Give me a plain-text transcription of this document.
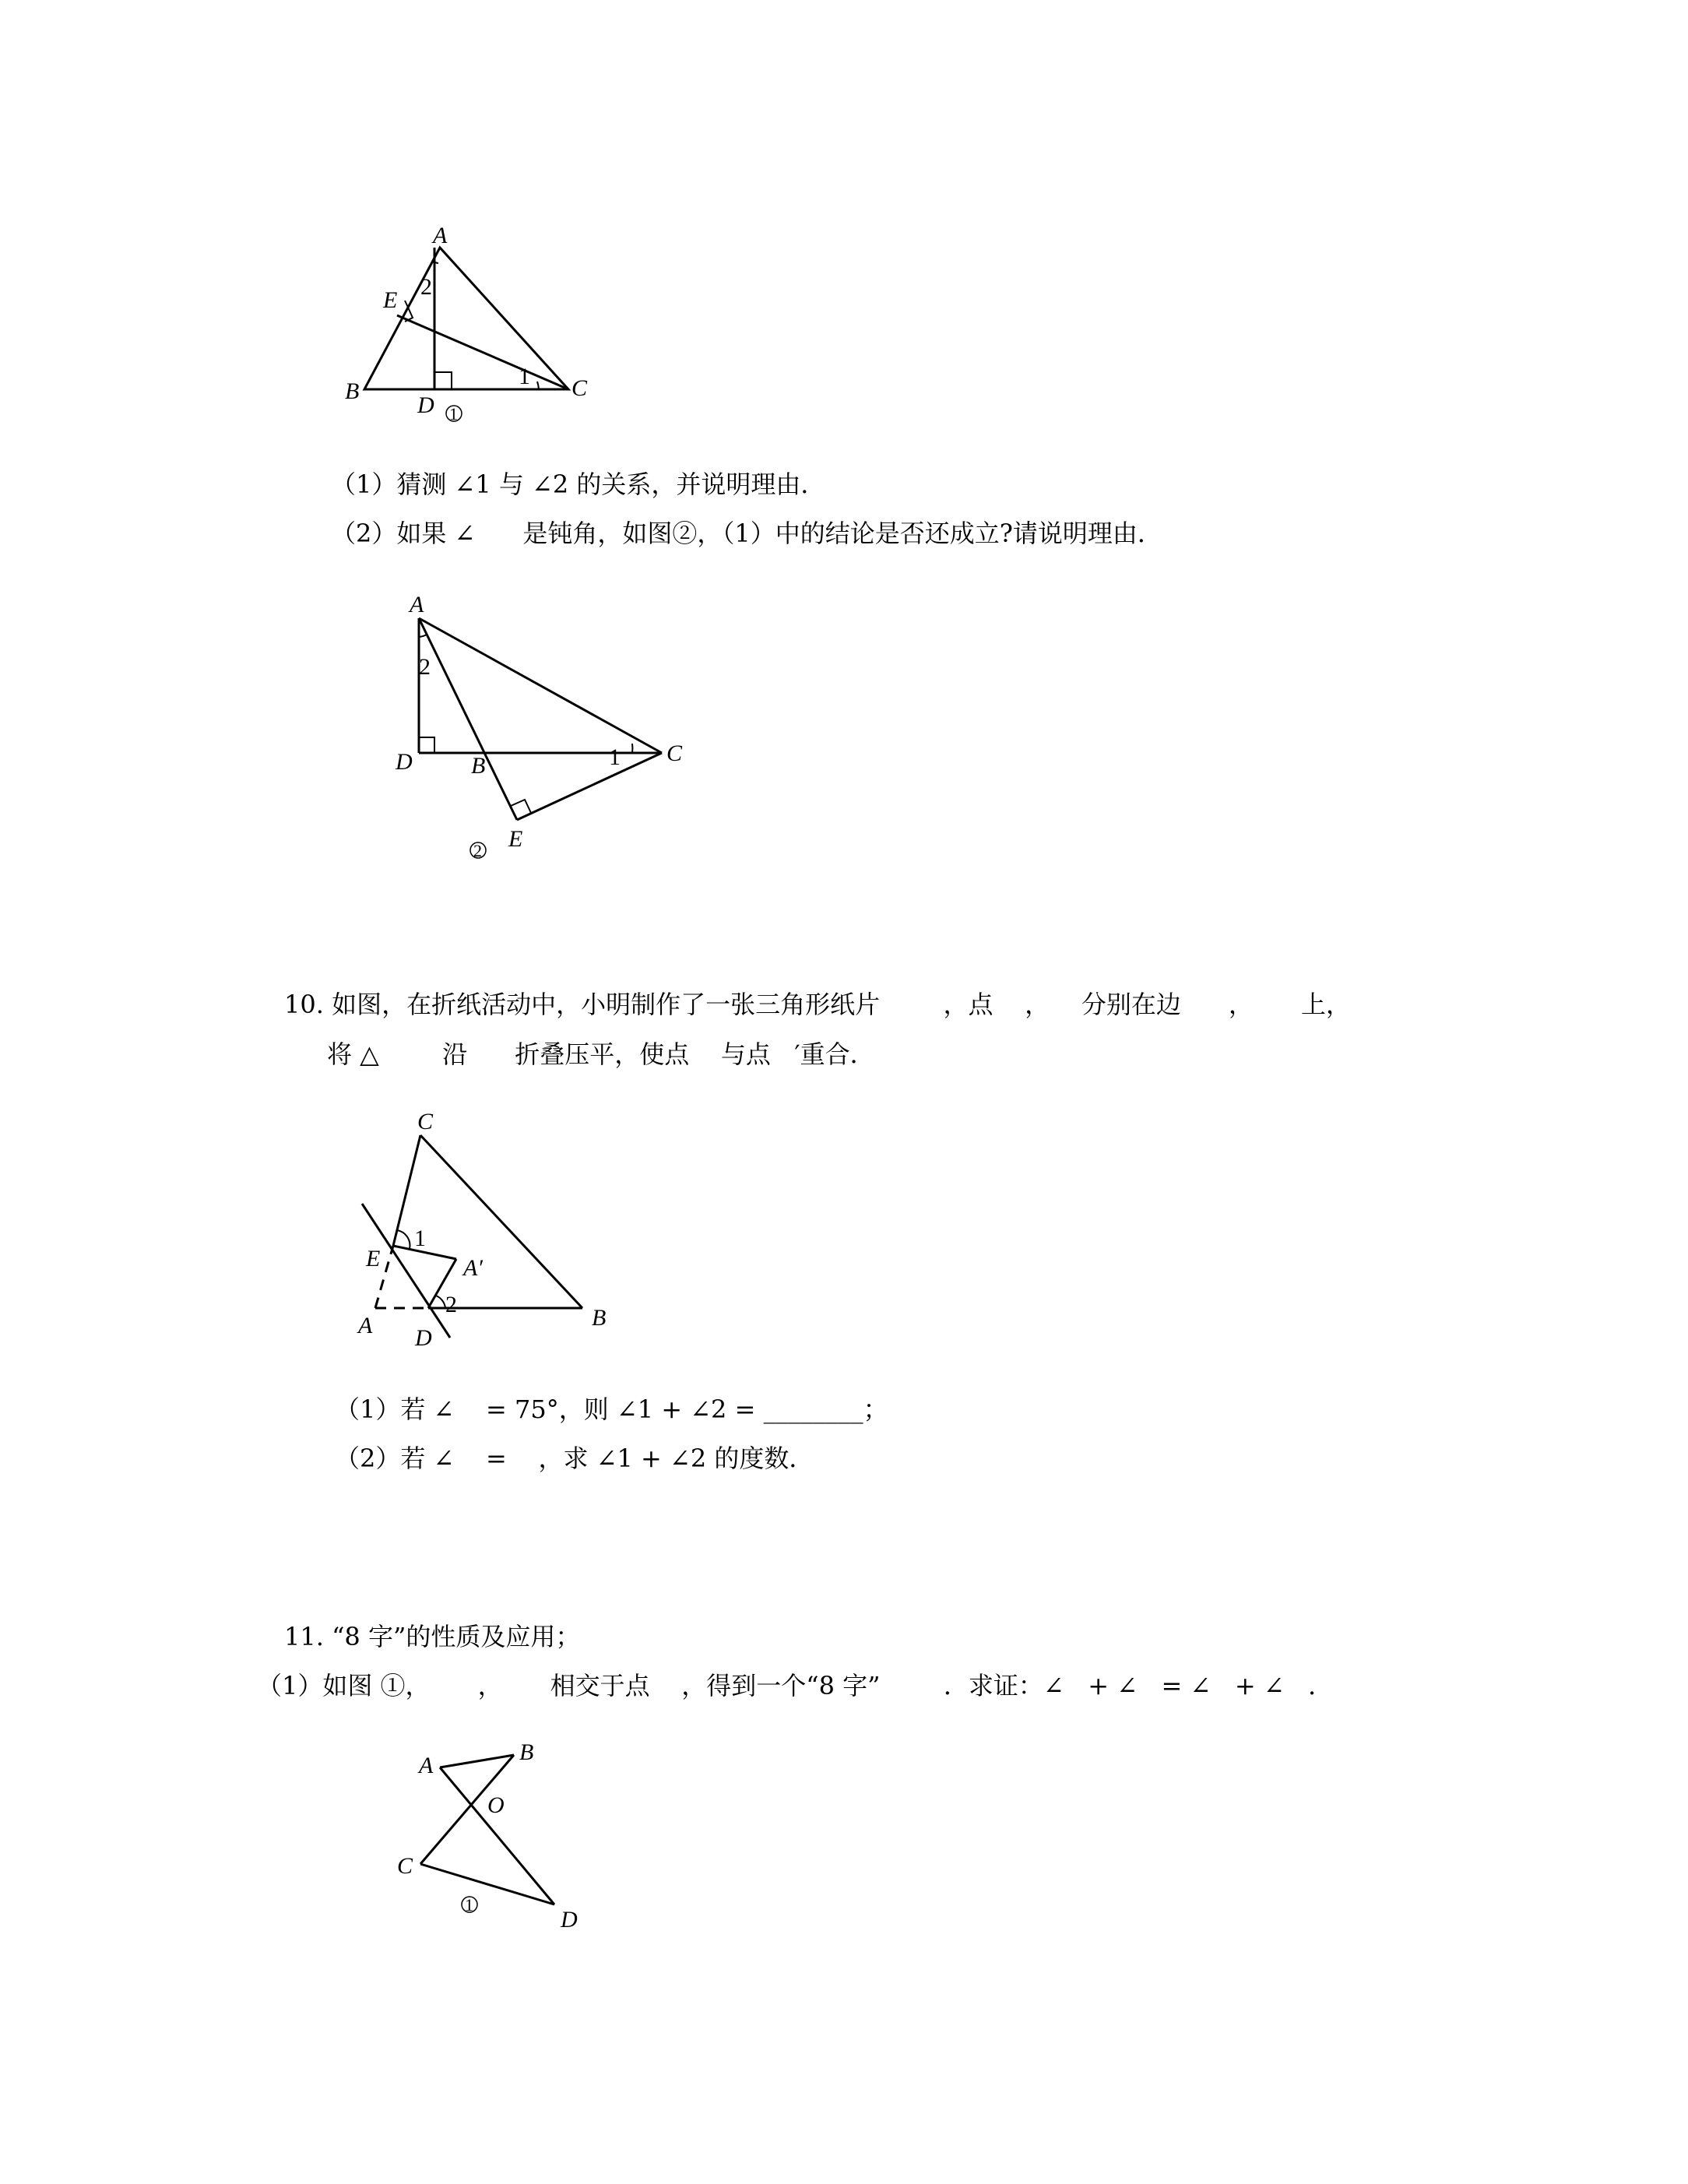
A
E
B
D
C
2
1
1
（1）猜测 ∠1 与 ∠2 的关系，并说明理由．
（2）如果 ∠      是钝角，如图②，（1）中的结论是否还成立?请说明理由．
A
D	B	C
E
2
1
2
10. 如图，在折纸活动中，小明制作了一张三角形纸片        ，点    ，    分别在边      ，      上，
将 △        沿      折叠压平，使点    与点   ′重合．
C
E	A′
A D
B
1
2
（1）若 ∠    = 75°，则 ∠1 + ∠2 = ________；
（2）若 ∠    =    ，求 ∠1 + ∠2 的度数．
11. “8 字”的性质及应用；
（1）如图 ①，      ，      相交于点    ，得到一个“8 字”        ．求证：∠   + ∠   = ∠   + ∠   ．
A
B
O
C
D
1
